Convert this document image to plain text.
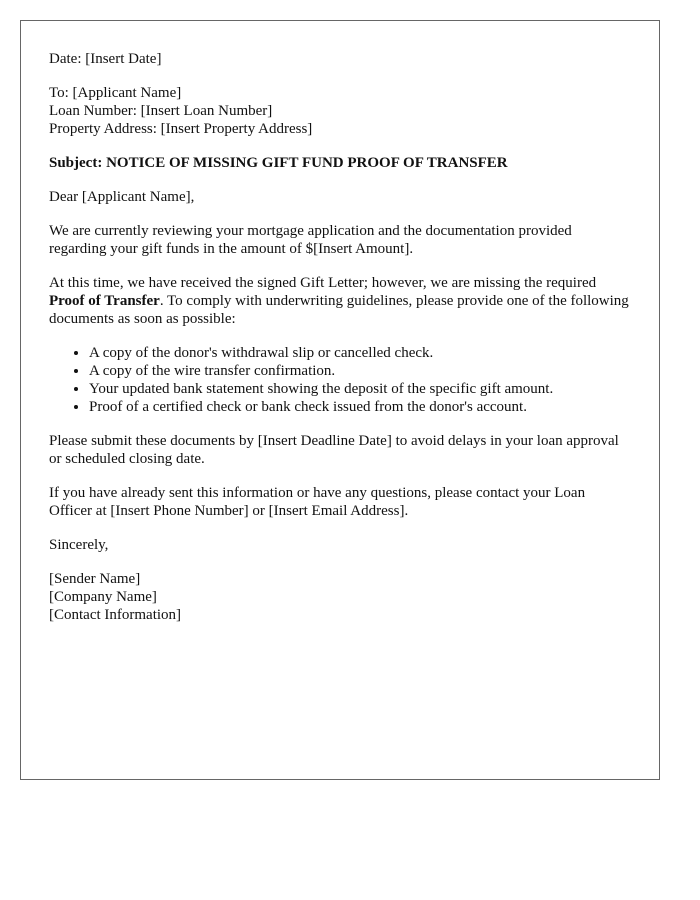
Date: [Insert Date]

To: [Applicant Name]

Loan Number: [Insert Loan Number]

Property Address: [Insert Property Address]

Subject: NOTICE OF MISSING GIFT FUND PROOF OF TRANSFER

Dear [Applicant Name],

We are currently reviewing your mortgage application and the documentation provided regarding your gift funds in the amount of $[Insert Amount].

At this time, we have received the signed Gift Letter; however, we are missing the required Proof of Transfer. To comply with underwriting guidelines, please provide one of the following documents as soon as possible:

• A copy of the donor's withdrawal slip or cancelled check.
• A copy of the wire transfer confirmation.
• Your updated bank statement showing the deposit of the specific gift amount.
• Proof of a certified check or bank check issued from the donor's account.

Please submit these documents by [Insert Deadline Date] to avoid delays in your loan approval or scheduled closing date.

If you have already sent this information or have any questions, please contact your Loan Officer at [Insert Phone Number] or [Insert Email Address].

Sincerely,

[Sender Name]

[Company Name]

[Contact Information]
